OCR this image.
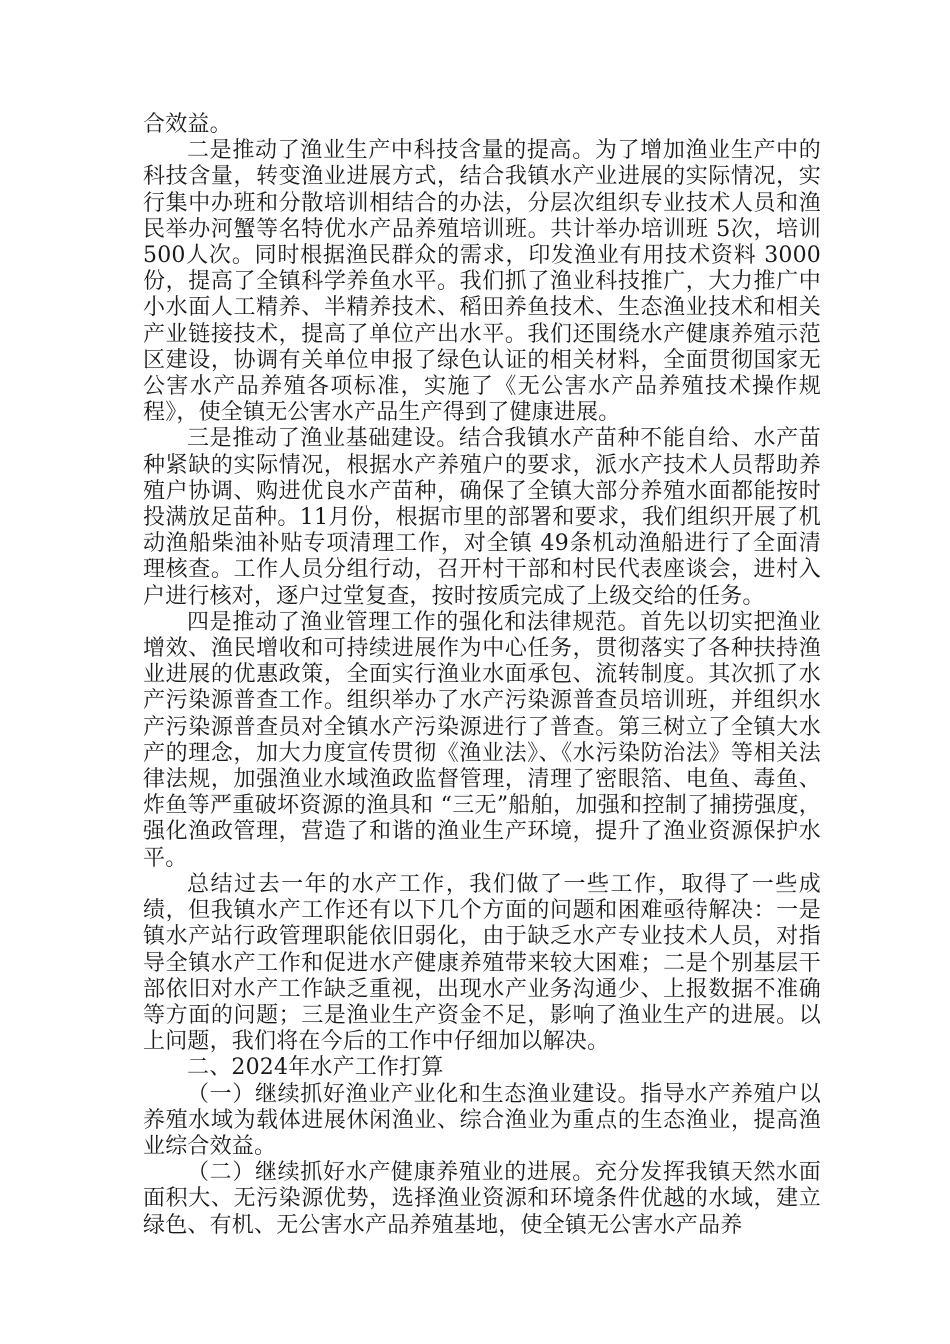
合效益。

二是推动了渔业生产中科技含量的提高。为了增加渔业生产中的科技含量，转变渔业进展方式，结合我镇水产业进展的实际情况，实行集中办班和分散培训相结合的办法，分层次组织专业技术人员和渔民举办河蟹等名特优水产品养殖培训班。共计举办培训班 5次，培训 500人次。同时根据渔民群众的需求，印发渔业有用技术资料 3000份，提高了全镇科学养鱼水平。我们抓了渔业科技推广，大力推广中小水面人工精养、半精养技术、稻田养鱼技术、生态渔业技术和相关产业链接技术，提高了单位产出水平。我们还围绕水产健康养殖示范区建设，协调有关单位申报了绿色认证的相关材料，全面贯彻国家无公害水产品养殖各项标准，实施了《无公害水产品养殖技术操作规程》，使全镇无公害水产品生产得到了健康进展。

三是推动了渔业基础建设。结合我镇水产苗种不能自给、水产苗种紧缺的实际情况，根据水产养殖户的要求，派水产技术人员帮助养殖户协调、购进优良水产苗种，确保了全镇大部分养殖水面都能按时投满放足苗种。11月份，根据市里的部署和要求，我们组织开展了机动渔船柴油补贴专项清理工作，对全镇 49条机动渔船进行了全面清理核查。工作人员分组行动，召开村干部和村民代表座谈会，进村入户进行核对，逐户过堂复查，按时按质完成了上级交给的任务。

四是推动了渔业管理工作的强化和法律规范。首先以切实把渔业增效、渔民增收和可持续进展作为中心任务，贯彻落实了各种扶持渔业进展的优惠政策，全面实行渔业水面承包、流转制度。其次抓了水产污染源普查工作。组织举办了水产污染源普查员培训班，并组织水产污染源普查员对全镇水产污染源进行了普查。第三树立了全镇大水产的理念，加大力度宣传贯彻《渔业法》、《水污染防治法》等相关法律法规，加强渔业水域渔政监督管理，清理了密眼箔、电鱼、毒鱼、炸鱼等严重破坏资源的渔具和 “三无”船舶，加强和控制了捕捞强度，强化渔政管理，营造了和谐的渔业生产环境，提升了渔业资源保护水平。

总结过去一年的水产工作，我们做了一些工作，取得了一些成绩，但我镇水产工作还有以下几个方面的问题和困难亟待解决：一是镇水产站行政管理职能依旧弱化，由于缺乏水产专业技术人员，对指导全镇水产工作和促进水产健康养殖带来较大困难；二是个别基层干部依旧对水产工作缺乏重视，出现水产业务沟通少、上报数据不准确等方面的问题；三是渔业生产资金不足，影响了渔业生产的进展。以上问题，我们将在今后的工作中仔细加以解决。

二、2024年水产工作打算

（一）继续抓好渔业产业化和生态渔业建设。指导水产养殖户以养殖水域为载体进展休闲渔业、综合渔业为重点的生态渔业，提高渔业综合效益。

（二）继续抓好水产健康养殖业的进展。充分发挥我镇天然水面面积大、无污染源优势，选择渔业资源和环境条件优越的水域，建立绿色、有机、无公害水产品养殖基地，使全镇无公害水产品养
